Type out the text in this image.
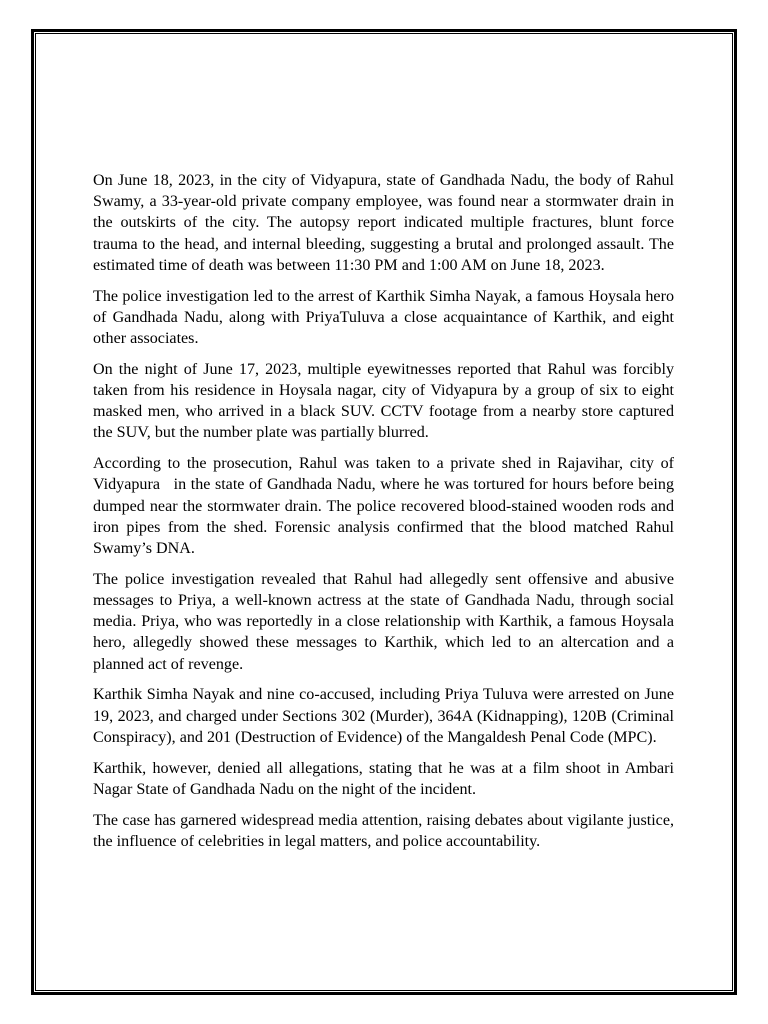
On June 18, 2023, in the city of Vidyapura, state of Gandhada Nadu, the body of Rahul Swamy, a 33-year-old private company employee, was found near a stormwater drain in the outskirts of the city. The autopsy report indicated multiple fractures, blunt force trauma to the head, and internal bleeding, suggesting a brutal and prolonged assault. The estimated time of death was between 11:30 PM and 1:00 AM on June 18, 2023.

The police investigation led to the arrest of Karthik Simha Nayak, a famous Hoysala hero of Gandhada Nadu, along with PriyaTuluva a close acquaintance of Karthik, and eight other associates.

On the night of June 17, 2023, multiple eyewitnesses reported that Rahul was forcibly taken from his residence in Hoysala nagar, city of Vidyapura by a group of six to eight masked men, who arrived in a black SUV. CCTV footage from a nearby store captured the SUV, but the number plate was partially blurred.

According to the prosecution, Rahul was taken to a private shed in Rajavihar, city of Vidyapura   in the state of Gandhada Nadu, where he was tortured for hours before being dumped near the stormwater drain. The police recovered blood-stained wooden rods and iron pipes from the shed. Forensic analysis confirmed that the blood matched Rahul Swamy’s DNA.

The police investigation revealed that Rahul had allegedly sent offensive and abusive messages to Priya, a well-known actress at the state of Gandhada Nadu, through social media. Priya, who was reportedly in a close relationship with Karthik, a famous Hoysala hero, allegedly showed these messages to Karthik, which led to an altercation and a planned act of revenge.

Karthik Simha Nayak and nine co-accused, including Priya Tuluva were arrested on June 19, 2023, and charged under Sections 302 (Murder), 364A (Kidnapping), 120B (Criminal Conspiracy), and 201 (Destruction of Evidence) of the Mangaldesh Penal Code (MPC).

Karthik, however, denied all allegations, stating that he was at a film shoot in Ambari Nagar State of Gandhada Nadu on the night of the incident.

The case has garnered widespread media attention, raising debates about vigilante justice, the influence of celebrities in legal matters, and police accountability.
